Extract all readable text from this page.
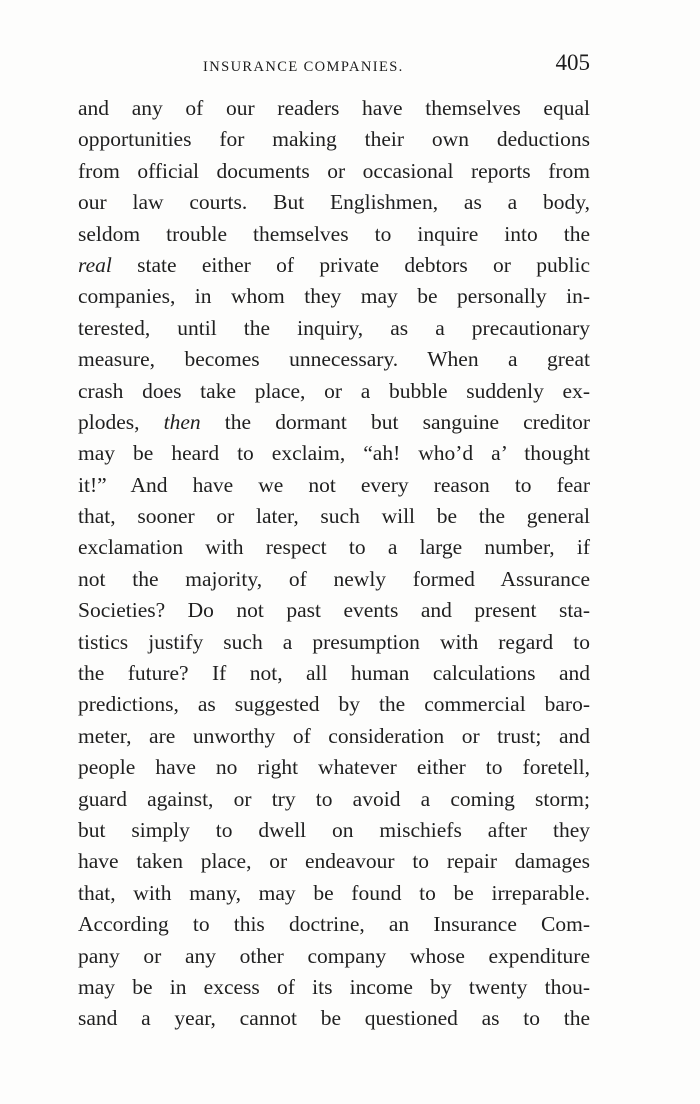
INSURANCE COMPANIES.	405
and any of our readers have themselves equal
opportunities for making their own deductions
from official documents or occasional reports from
our law courts. But Englishmen, as a body,
seldom trouble themselves to inquire into the
real state either of private debtors or public
companies, in whom they may be personally in-
terested, until the inquiry, as a precautionary
measure, becomes unnecessary. When a great
crash does take place, or a bubble suddenly ex-
plodes, then the dormant but sanguine creditor
may be heard to exclaim, “ah! who’d a’ thought
it!” And have we not every reason to fear
that, sooner or later, such will be the general
exclamation with respect to a large number, if
not the majority, of newly formed Assurance
Societies? Do not past events and present sta-
tistics justify such a presumption with regard to
the future? If not, all human calculations and
predictions, as suggested by the commercial baro-
meter, are unworthy of consideration or trust; and
people have no right whatever either to foretell,
guard against, or try to avoid a coming storm;
but simply to dwell on mischiefs after they
have taken place, or endeavour to repair damages
that, with many, may be found to be irreparable.
According to this doctrine, an Insurance Com-
pany or any other company whose expenditure
may be in excess of its income by twenty thou-
sand a year, cannot be questioned as to the
